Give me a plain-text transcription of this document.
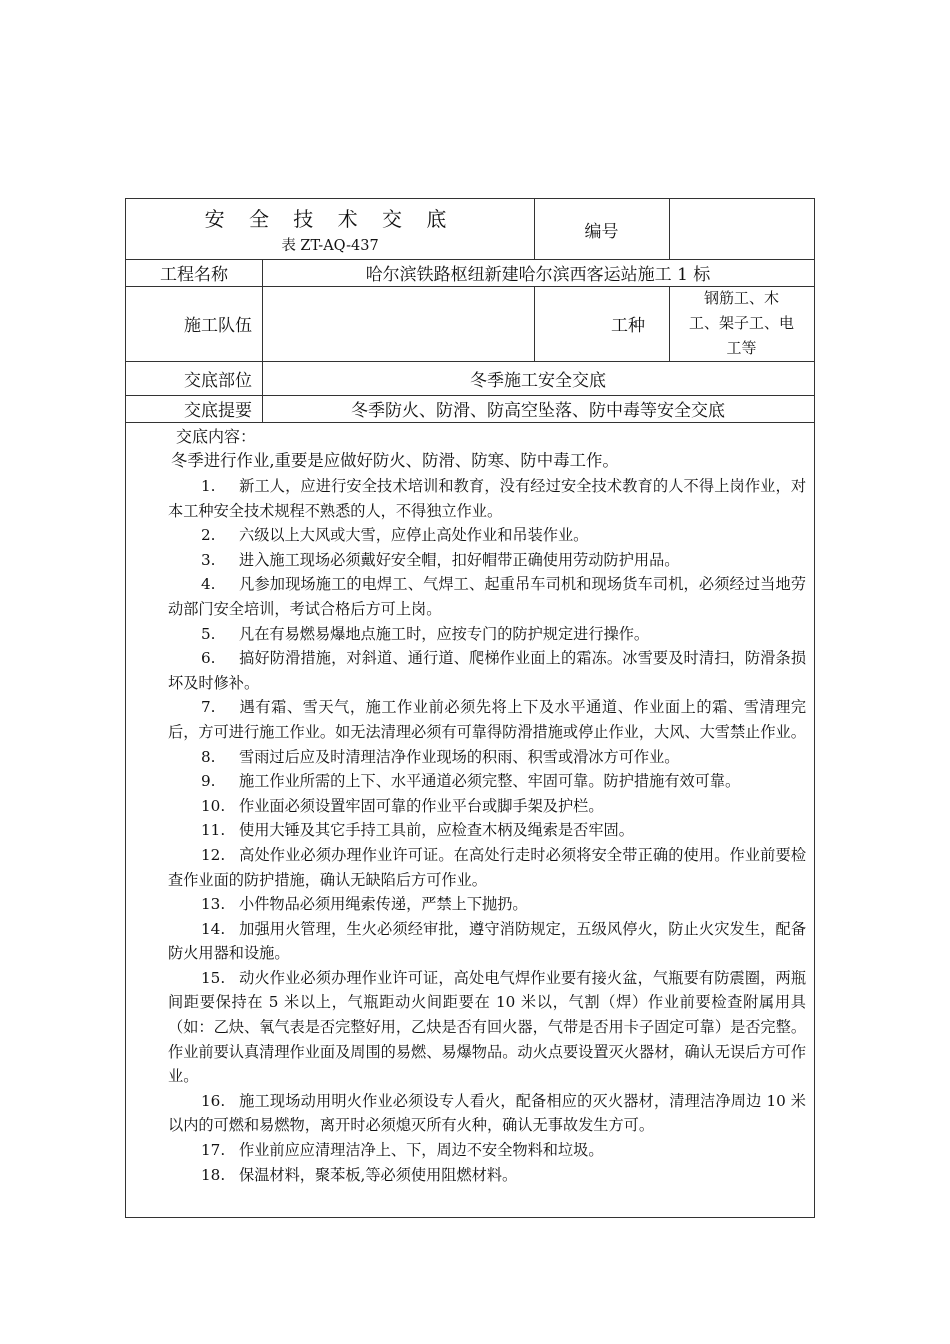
安 全 技 术 交 底
表 ZT-AQ-437
编号
工程名称	哈尔滨铁路枢纽新建哈尔滨西客运站施工 1 标
施工队伍	工种
钢筋工、木
工、架子工、电
工等
交底部位	冬季施工安全交底
交底提要	冬季防火、防滑、防高空坠落、防中毒等安全交底

交底内容：

冬季进行作业,重要是应做好防火、防滑、防寒、防中毒工作。

1. 新工人，应进行安全技术培训和教育，没有经过安全技术教育的人不得上岗作业，对本工种安全技术规程不熟悉的人，不得独立作业。

2. 六级以上大风或大雪，应停止高处作业和吊装作业。

3. 进入施工现场必须戴好安全帽，扣好帽带正确使用劳动防护用品。

4. 凡参加现场施工的电焊工、气焊工、起重吊车司机和现场货车司机，必须经过当地劳动部门安全培训，考试合格后方可上岗。

5. 凡在有易燃易爆地点施工时，应按专门的防护规定进行操作。

6. 搞好防滑措施，对斜道、通行道、爬梯作业面上的霜冻。冰雪要及时清扫，防滑条损坏及时修补。

7. 遇有霜、雪天气，施工作业前必须先将上下及水平通道、作业面上的霜、雪清理完后，方可进行施工作业。如无法清理必须有可靠得防滑措施或停止作业，大风、大雪禁止作业。

8. 雪雨过后应及时清理洁净作业现场的积雨、积雪或滑冰方可作业。

9. 施工作业所需的上下、水平通道必须完整、牢固可靠。防护措施有效可靠。

10. 作业面必须设置牢固可靠的作业平台或脚手架及护栏。

11. 使用大锤及其它手持工具前，应检查木柄及绳索是否牢固。

12. 高处作业必须办理作业许可证。在高处行走时必须将安全带正确的使用。作业前要检查作业面的防护措施，确认无缺陷后方可作业。

13. 小件物品必须用绳索传递，严禁上下抛扔。

14. 加强用火管理，生火必须经审批，遵守消防规定，五级风停火，防止火灾发生，配备防火用器和设施。

15. 动火作业必须办理作业许可证，高处电气焊作业要有接火盆，气瓶要有防震圈，两瓶间距要保持在 5 米以上，气瓶距动火间距要在 10 米以，气割（焊）作业前要检查附属用具（如：乙炔、氧气表是否完整好用，乙炔是否有回火器，气带是否用卡子固定可靠）是否完整。作业前要认真清理作业面及周围的易燃、易爆物品。动火点要设置灭火器材，确认无误后方可作业。

16. 施工现场动用明火作业必须设专人看火，配备相应的灭火器材，清理洁净周边 10 米以内的可燃和易燃物，离开时必须熄灭所有火种，确认无事故发生方可。

17. 作业前应应清理洁净上、下，周边不安全物料和垃圾。

18. 保温材料，聚苯板,等必须使用阻燃材料。
